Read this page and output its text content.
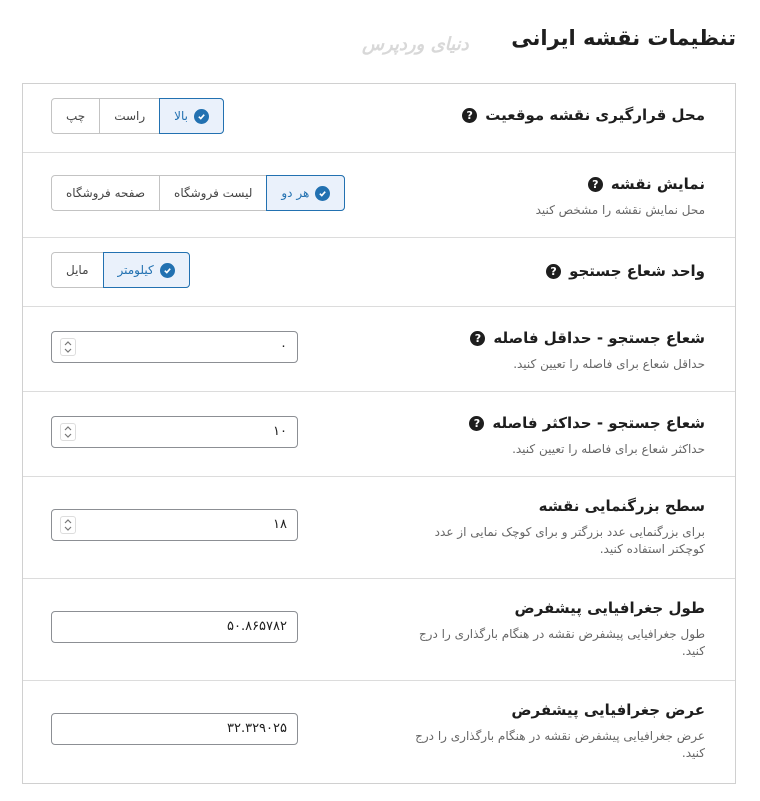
تنظیمات نقشه ایرانی
دنیای وردپرس
محل قرارگیری نقشه موقعیت
?
بالا
راست
چپ
نمایش نقشه
?
محل نمایش نقشه را مشخص کنید
هر دو
لیست فروشگاه
صفحه فروشگاه
واحد شعاع جستجو
?
کیلومتر
مایل
شعاع جستجو - حداقل فاصله
?
حداقل شعاع برای فاصله را تعیین کنید.
۰
شعاع جستجو - حداکثر فاصله
?
حداکثر شعاع برای فاصله را تعیین کنید.
۱۰
سطح بزرگنمایی نقشه
برای بزرگنمایی عدد بزرگتر و برای کوچک نمایی از عدد کوچکتر استفاده کنید.
۱۸
طول جغرافیایی پیشفرض
طول جغرافیایی پیشفرض نقشه در هنگام بارگذاری را درج کنید.
۵۰.۸۶۵۷۸۲
عرض جغرافیایی پیشفرض
عرض جغرافیایی پیشفرض نقشه در هنگام بارگذاری را درج کنید.
۳۲.۳۲۹۰۲۵
